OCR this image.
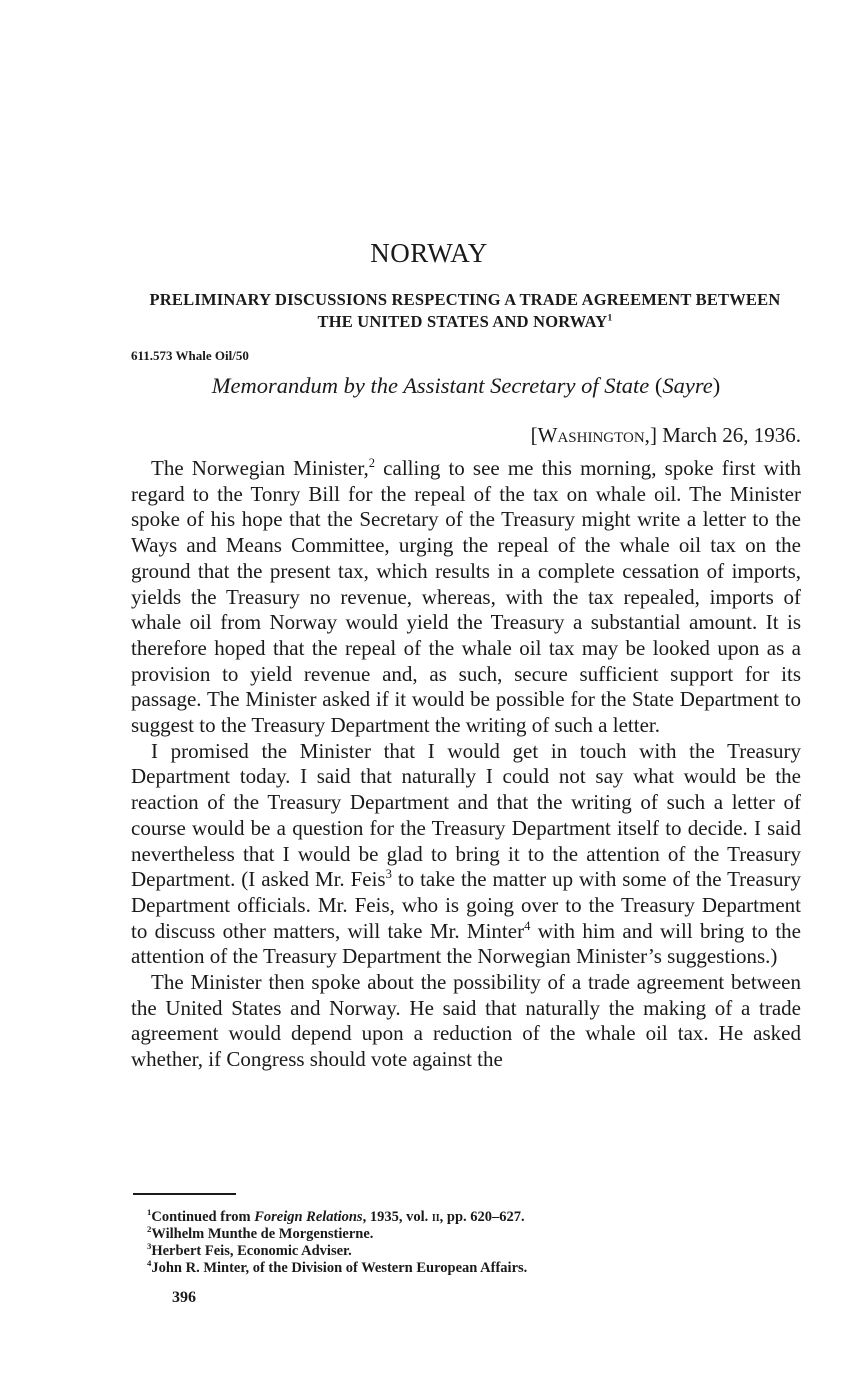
NORWAY
PRELIMINARY DISCUSSIONS RESPECTING A TRADE AGREEMENT BETWEEN THE UNITED STATES AND NORWAY$^1$
611.573 Whale Oil/50
Memorandum by the Assistant Secretary of State (Sayre)
[Washington,] March 26, 1936.

The Norwegian Minister,$^2$ calling to see me this morning, spoke first with regard to the Tonry Bill for the repeal of the tax on whale oil. The Minister spoke of his hope that the Secretary of the Treasury might write a letter to the Ways and Means Committee, urging the repeal of the whale oil tax on the ground that the present tax, which results in a complete cessation of imports, yields the Treasury no revenue, whereas, with the tax repealed, imports of whale oil from Norway would yield the Treasury a substantial amount. It is therefore hoped that the repeal of the whale oil tax may be looked upon as a provision to yield revenue and, as such, secure sufficient support for its passage. The Minister asked if it would be possible for the State Department to suggest to the Treasury Department the writing of such a letter.

I promised the Minister that I would get in touch with the Treasury Department today. I said that naturally I could not say what would be the reaction of the Treasury Department and that the writing of such a letter of course would be a question for the Treasury Department itself to decide. I said nevertheless that I would be glad to bring it to the attention of the Treasury Department. (I asked Mr. Feis$^3$ to take the matter up with some of the Treasury Department officials. Mr. Feis, who is going over to the Treasury Department to discuss other matters, will take Mr. Minter$^4$ with him and will bring to the attention of the Treasury Department the Norwegian Minister’s suggestions.)

The Minister then spoke about the possibility of a trade agreement between the United States and Norway. He said that naturally the making of a trade agreement would depend upon a reduction of the whale oil tax. He asked whether, if Congress should vote against the

$^1$Continued from Foreign Relations, 1935, vol. ii, pp. 620–627.

$^2$Wilhelm Munthe de Morgenstierne.

$^3$Herbert Feis, Economic Adviser.

$^4$John R. Minter, of the Division of Western European Affairs.

396
